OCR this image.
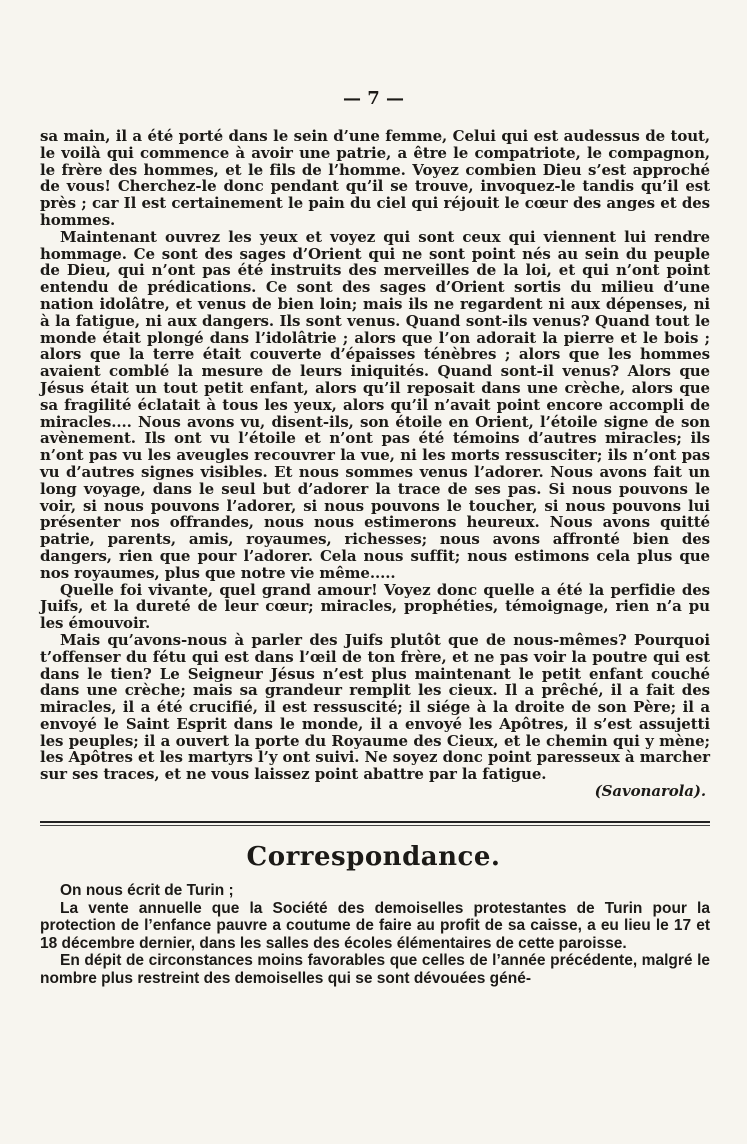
— 7 —

sa main, il a été porté dans le sein d’une femme, Celui qui est audessus de tout, le voilà qui commence à avoir une patrie, a être le compatriote, le compagnon, le frère des hommes, et le fils de l’homme. Voyez combien Dieu s’est approché de vous! Cherchez-le donc pendant qu’il se trouve, invoquez-le tandis qu’il est près ; car Il est certainement le pain du ciel qui réjouit le cœur des anges et des hommes.

Maintenant ouvrez les yeux et voyez qui sont ceux qui viennent lui rendre hommage. Ce sont des sages d’Orient qui ne sont point nés au sein du peuple de Dieu, qui n’ont pas été instruits des merveilles de la loi, et qui n’ont point entendu de prédications. Ce sont des sages d’Orient sortis du milieu d’une nation idolâtre, et venus de bien loin; mais ils ne regardent ni aux dépenses, ni à la fatigue, ni aux dangers. Ils sont venus. Quand sont-ils venus? Quand tout le monde était plongé dans l’idolâtrie ; alors que l’on adorait la pierre et le bois ; alors que la terre était couverte d’épaisses ténèbres ; alors que les hommes avaient comblé la mesure de leurs iniquités. Quand sont-il venus? Alors que Jésus était un tout petit enfant, alors qu’il reposait dans une crèche, alors que sa fragilité éclatait à tous les yeux, alors qu’il n’avait point encore accompli de miracles.... Nous avons vu, disent-ils, son étoile en Orient, l’étoile signe de son avènement. Ils ont vu l’étoile et n’ont pas été témoins d’autres miracles; ils n’ont pas vu les aveugles recouvrer la vue, ni les morts ressusciter; ils n’ont pas vu d’autres signes visibles. Et nous sommes venus l’adorer. Nous avons fait un long voyage, dans le seul but d’adorer la trace de ses pas. Si nous pouvons le voir, si nous pouvons l’adorer, si nous pouvons le toucher, si nous pouvons lui présenter nos offrandes, nous nous estimerons heureux. Nous avons quitté patrie, parents, amis, royaumes, richesses; nous avons affronté bien des dangers, rien que pour l’adorer. Cela nous suffit; nous estimons cela plus que nos royaumes, plus que notre vie même.....

Quelle foi vivante, quel grand amour! Voyez donc quelle a été la perfidie des Juifs, et la dureté de leur cœur; miracles, prophéties, témoignage, rien n’a pu les émouvoir.

Mais qu’avons-nous à parler des Juifs plutôt que de nous-mêmes? Pourquoi t’offenser du fétu qui est dans l’œil de ton frère, et ne pas voir la poutre qui est dans le tien? Le Seigneur Jésus n’est plus maintenant le petit enfant couché dans une crèche; mais sa grandeur remplit les cieux. Il a prêché, il a fait des miracles, il a été crucifié, il est ressuscité; il siége à la droite de son Père; il a envoyé le Saint Esprit dans le monde, il a envoyé les Apôtres, il s’est assujetti les peuples; il a ouvert la porte du Royaume des Cieux, et le chemin qui y mène; les Apôtres et les martyrs l’y ont suivi. Ne soyez donc point paresseux à marcher sur ses traces, et ne vous laissez point abattre par la fatigue.

(Savonarola).

Correspondance.

On nous écrit de Turin ;

La vente annuelle que la Société des demoiselles protestantes de Turin pour la protection de l’enfance pauvre a coutume de faire au profit de sa caisse, a eu lieu le 17 et 18 décembre dernier, dans les salles des écoles élémentaires de cette paroisse.

En dépit de circonstances moins favorables que celles de l’année précédente, malgré le nombre plus restreint des demoiselles qui se sont dévouées géné-
